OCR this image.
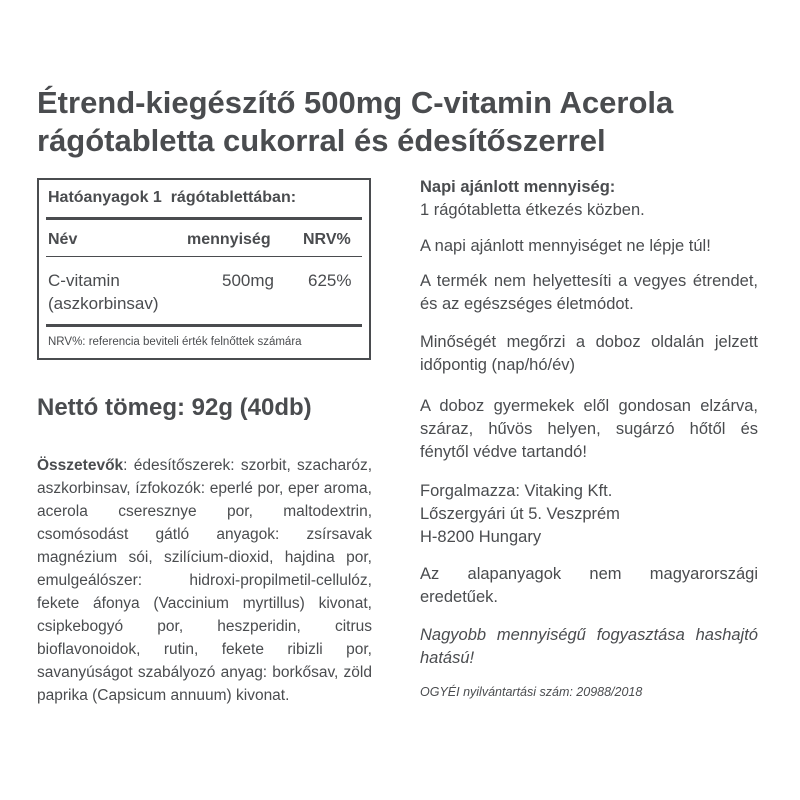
Étrend-kiegészítő 500mg C-vitamin Acerola
rágótabletta cukorral és édesítőszerrel
Hatóanyagok 1  rágótablettában:
Név	mennyiség NRV%
C-vitamin
(aszkorbinsav)
500mg 625%
NRV%: referencia beviteli érték felnőttek számára
Nettó tömeg: 92g (40db)
Összetevők: édesítőszerek: szorbit, szacharóz, aszkorbinsav, ízfokozók: eperlé por, eper aroma, acerola cseresznye por, maltodextrin, csomósodást gátló anyagok: zsírsavak magnézium sói, szilícium-dioxid, hajdina por, emulgeálószer: hidroxi-propilmetil-cellulóz, fekete áfonya (Vaccinium myrtillus) kivonat, csipkebogyó por, heszperidin, citrus bioflavonoidok, rutin, fekete ribizli por, savanyúságot szabályozó anyag: borkősav, zöld paprika (Capsicum annuum) kivonat.

Napi ajánlott mennyiség:

1 rágótabletta étkezés közben.

A napi ajánlott mennyiséget ne lépje túl!

A termék nem helyettesíti a vegyes étrendet, és az egészséges életmódot.

Minőségét megőrzi a doboz oldalán jelzett időpontig (nap/hó/év)

A doboz gyermekek elől gondosan elzárva, száraz, hűvös helyen, sugárzó hőtől és fénytől védve tartandó!

Forgalmazza: Vitaking Kft.
Lőszergyári út 5. Veszprém
H-8200 Hungary

Az alapanyagok nem magyarországi eredetűek.

Nagyobb mennyiségű fogyasztása hashajtó hatású!

OGYÉI nyilvántartási szám: 20988/2018
